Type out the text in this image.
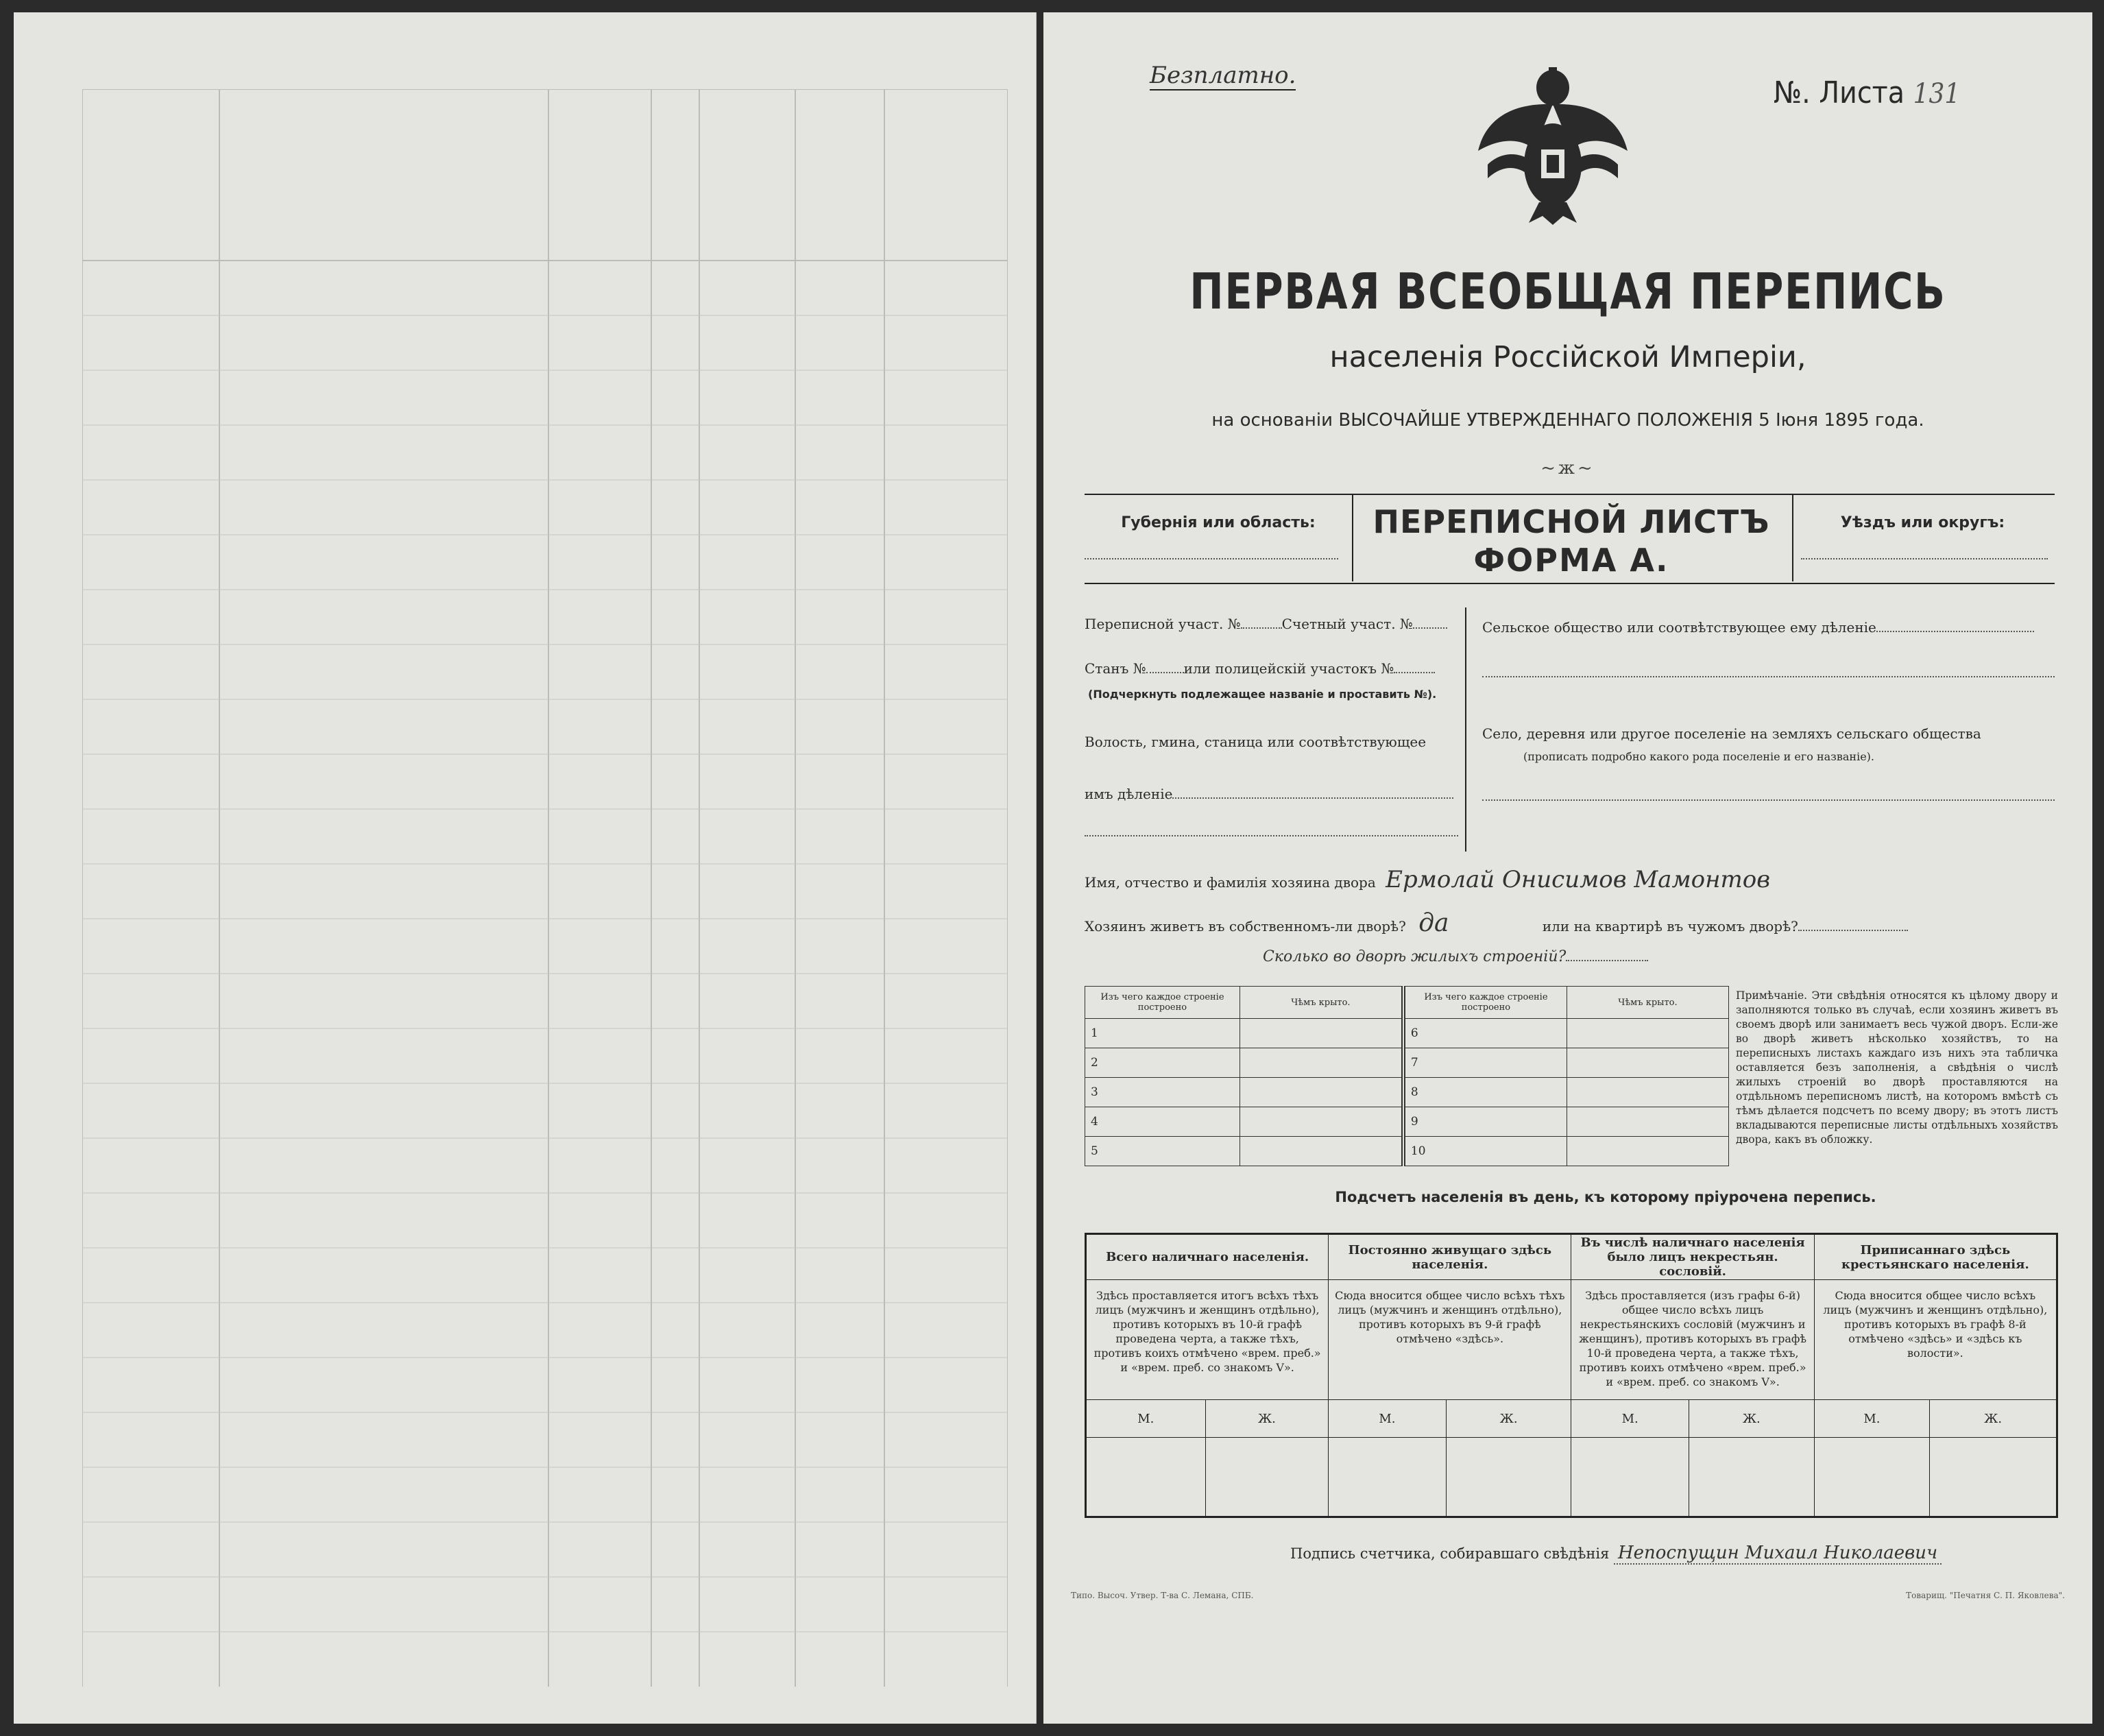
Безплатно.	№. Листа 131
ПЕРВАЯ ВСЕОБЩАЯ ПЕРЕПИСЬ
населенія Россійской Имперіи,
на основаніи ВЫСОЧАЙШЕ УТВЕРЖДЕННАГО ПОЛОЖЕНІЯ 5 Іюня 1895 года.
~ж~
Губернія или область:	ПЕРЕПИСНОЙ ЛИСТЪ
ФОРМА А.
Уѣздъ или округъ:
Переписной участ. №	Счетный участ. №
Станъ №	или полицейскій участокъ №
(Подчеркнуть подлежащее названіе и проставить №).
Волость, гмина, станица или соотвѣтствующее
имъ дѣленіе
Сельское общество или соотвѣтствующее ему дѣленіе
Село, деревня или другое поселеніе на земляхъ сельскаго общества
(прописать подробно какого рода поселеніе и его названіе).
Имя, отчество и фамилія хозяина двора Ермолай Онисимов Мамонтов
Хозяинъ живетъ въ собственномъ-ли дворѣ? да	или на квартирѣ въ чужомъ дворѣ?
Сколько во дворѣ жилыхъ строеній?
Изъ чего каждое строеніе построено	Чѣмъ крыто.	Изъ чего каждое строеніе построено	Чѣмъ крыто.
1		6	
2		7	
3		8	
4		9	
5		10	
Примѣчаніе. Эти свѣдѣнія относятся къ цѣлому двору и заполняются только въ случаѣ, если хозяинъ живетъ въ своемъ дворѣ или занимаетъ весь чужой дворъ. Если-же во дворѣ живетъ нѣсколько хозяйствъ, то на переписныхъ листахъ каждаго изъ нихъ эта табличка оставляется безъ заполненія, а свѣдѣнія о числѣ жилыхъ строеній во дворѣ проставляются на отдѣльномъ переписномъ листѣ, на которомъ вмѣстѣ съ тѣмъ дѣлается подсчетъ по всему двору; въ этотъ листъ вкладываются переписные листы отдѣльныхъ хозяйствъ двора, какъ въ обложку.
Подсчетъ населенія въ день, къ которому пріурочена перепись.
Всего наличнаго населенія.		Постоянно живущаго здѣсь населенія.		Въ числѣ наличнаго населенія было лицъ некрестьян. сословій.		Приписаннаго здѣсь крестьянскаго населенія.	
Здѣсь проставляется итогъ всѣхъ тѣхъ лицъ (мужчинъ и женщинъ отдѣльно), противъ которыхъ въ 10-й графѣ проведена черта, а также тѣхъ, противъ коихъ отмѣчено «врем. преб.» и «врем. преб. со знакомъ V».		Сюда вносится общее число всѣхъ тѣхъ лицъ (мужчинъ и женщинъ отдѣльно), противъ которыхъ въ 9-й графѣ отмѣчено «здѣсь».		Здѣсь проставляется (изъ графы 6-й) общее число всѣхъ лицъ некрестьянскихъ сословій (мужчинъ и женщинъ), противъ которыхъ въ графѣ 10-й проведена черта, а также тѣхъ, противъ коихъ отмѣчено «врем. преб.» и «врем. преб. со знакомъ V».		Сюда вносится общее число всѣхъ лицъ (мужчинъ и женщинъ отдѣльно), противъ которыхъ въ графѣ 8-й отмѣчено «здѣсь» и «здѣсь къ волости».	
М.	Ж.	М.	Ж.	М.	Ж.	М.	Ж.

Подпись счетчика, собиравшаго свѣдѣнія Непоспущин Михаил Николаевич
Типо. Высоч. Утвер. Т-ва С. Лемана, СПБ.	Товарищ. "Печатня С. П. Яковлева".
